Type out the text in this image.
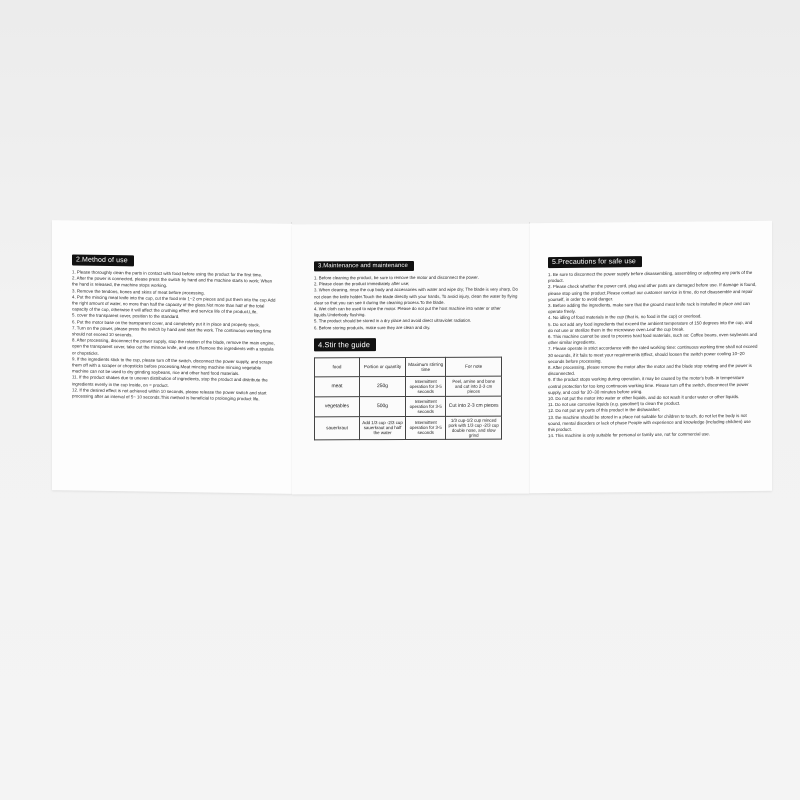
2.Method of use
1. Please thoroughly clean the parts in contact with food before using the product for the first time.
2. After the power is connected, please press the switch by hand and the machine starts to work; When the hand is released, the machine stops working.
3. Remove the tendons, bones and skins of meat before processing.
4. Put the mincing meat knife into the cup, cut the food into 1~2 cm pieces and put them into the cup Add the right amount of water, no more than half the capacity of the glass.Not more than half of the total capacity of the cup, otherwise it will affect the crushing effect and service life of the product.Life.
5. cover the transparent cover, position to the standard.
6. Put the motor base on the transparent cover, and completely put it in place and properly stuck.
7. Turn on the power, please press the switch by hand and start the work. The continuous working time should not exceed 10 seconds.
8. After processing, disconnect the power supply, stop the rotation of the blade, remove the main engine, open the transparent cover, take out the minnow knife, and use it.Remove the ingredients with a spatula or chopsticks.
9. If the ingredients stick to the cup, please turn off the switch, disconnect the power supply, and scrape them off with a scraper or chopsticks before processing.Meat mincing machine mincing vegetable machine can not be used to dry grinding soybeans, rice and other hard food materials.
11. If the product shakes due to uneven distribution of ingredients, stop the product and distribute the ingredients evenly in the cup Inside, on = product.
12. If the desired effect is not achieved within 10 seconds, please release the power switch and start processing after an interval of 5~ 10 seconds.This method is beneficial to prolonging product life.
3.Maintenance and maintenance
1. Before cleaning the product, be sure to remove the motor and disconnect the power.
2. Please clean the product immediately after use;
3. When cleaning, rinse the cup body and accessories with water and wipe dry; The blade is very sharp, Do not clean the knife holder.Touch the blade directly with your hands, To avoid injury, clean the water by flying clear so that you can see it during the cleaning process.To the blade.
4. Wet cloth can be used to wipe the motor. Please do not put the host machine into water or other liquids.Underbody flushing.
5. The product should be stored in a dry place and avoid direct ultraviolet radiation.
6. Before storing products, make sure they are clean and dry.
4.Stir the guide
food	Portion or quantity	Maximum stirring time	For note
meat	250g	Intermittent operation for 3-5 seconds	Peel, amine and bone and cut into 2-3 cm pieces
vegetables	500g	Intermittent operation for 3-5 seconds	Cut into 2-3 cm pieces
sauerkraut	Add 1/3 cup -2/3 cup sauerkraut and half the water	Intermittent operation for 3-5 seconds	1/3 cup-1/2 cup minced pork with 1/3 cup -2/3 cup double nose, and slow grind
5.Precautions for safe use
1. Be sure to disconnect the power supply before disassembling, assembling or adjusting any parts of the product.
2. Please check whether the power cord, plug and other parts are damaged before use. If damage is found, please stop using the product.Please contact our customer service in time, do not disassemble and repair yourself, in order to avoid danger.
3. Before adding the ingredients, make sure that the ground meat knife rack is installed in place and can operate freely.
4. No idling of food materials in the cup (that is, no food in the cup) or overload.
5. Do not add any food ingredients that exceed the ambient temperature of 150 degrees into the cup, and do not use or sterilize them in the microwave oven.Leaf the cup break.
6. This machine cannot be used to process hard food materials, such as: Coffee beans, oven soybeans and other similar ingredients.
7. Please operate in strict accordance with the rated working time: continuous working time shall not exceed 30 seconds, if it fails to meet your requirements Effect, should loosen the switch power cooling 10~20 seconds before processing.
8. After processing, please remove the motor after the motor and the blade stop rotating and the power is disconnected.
9. If the product stops working during operation, it may be caused by the motor's built- in temperature control protection for too long continuous working time. Please turn off the switch, disconnect the power supply, and cool for 20~30 minutes before using.
10. Do not put the motor into water or other liquids, and do not wash it under water or other liquids.
11. Do not use corrosive liquids (e.g. gasoline!) to clean the product.
12. Do not put any parts of this product in the dishwasher;
13. the machine should be stored in a place not suitable for children to touch, do not let the body is not sound, mental disorders or lack of phase People with experience and knowledge (including children) use this product.
14. This machine is only suitable for personal or family use, not for commercial use.
